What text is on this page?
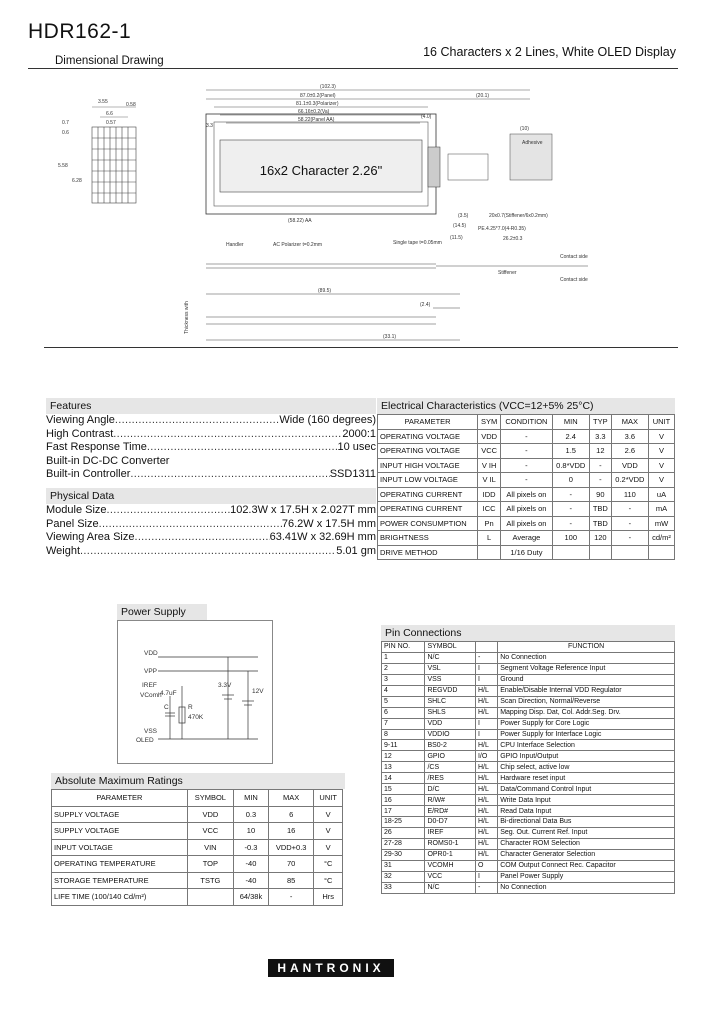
HDR162-1
16 Characters x 2 Lines, White OLED Display
Dimensional Drawing
3.55	0.58
6.6
0.57
0.7
0.6
5.58
6.28
(102.3)
87.0±0.2(Panel)
81.1±0.3(Polarizer)
66.16±0.2(Va)
58.22(Panel AA)
(20.1)
16x2 Character 2.26"
3.3
(4.0)
(10)
Adhesive
(3.5)	20x0.7(Stiffener/6x0.2mm)
PE.4.25*7.0(4-R0.35)
26.2±0.3
(14.5)
(11.5)
(58.22) AA
Handler	AC Polarizer t=0.2mm	Single tape t=0.05mm
Contact side
Stiffener
Contact side
(89.5)
(2.4)
(33.1)
Thickness with
Features
Viewing Angle .....	Wide (160 degrees)
High Contrast .....	2000:1
Fast Response Time .....	10 usec
Built-in DC-DC Converter
Built-in Controller .....	SSD1311
Physical Data
Module Size .....	102.3W x 17.5H x 2.027T mm
Panel Size .....	76.2W x 17.5H mm
Viewing Area Size .....	63.41W x 32.69H mm
Weight .....	5.01 gm
Electrical Characteristics (VCC=12+5% 25°C)
PARAMETER	SYM	CONDITION	MIN	TYP	MAX	UNIT
OPERATING VOLTAGE	VDD	-	2.4	3.3	3.6	V
OPERATING VOLTAGE	VCC	-	1.5	12	2.6	V
INPUT HIGH VOLTAGE	V IH	-	0.8*VDD	-	VDD	V
INPUT LOW VOLTAGE	V IL	-	0	-	0.2*VDD	V
OPERATING CURRENT	IDD	All pixels on	-	90	110	uA
OPERATING CURRENT	ICC	All pixels on	-	TBD	-	mA
POWER CONSUMPTION	Pn	All pixels on	-	TBD	-	mW
BRIGHTNESS	L	Average	100	120	-	cd/m²
DRIVE METHOD		1/16 Duty				
Power Supply
VDD
VPP
IREF
VComh
4.7uF
C	R
470K
3.3V
12V
VSS
OLED
Absolute Maximum Ratings
PARAMETER	SYMBOL	MIN	MAX	UNIT
SUPPLY VOLTAGE	VDD	0.3	6	V
SUPPLY VOLTAGE	VCC	10	16	V
INPUT VOLTAGE	VIN	-0.3	VDD+0.3	V
OPERATING TEMPERATURE	TOP	-40	70	°C
STORAGE TEMPERATURE	TSTG	-40	85	°C
LIFE TIME (100/140 Cd/m²)		64/38k	-	Hrs
Pin Connections
PIN NO.	SYMBOL		FUNCTION
1	N/C	-	No Connection
2	VSL	I	Segment Voltage Reference Input
3	VSS	I	Ground
4	REGVDD	H/L	Enable/Disable Internal VDD Regulator
5	SHLC	H/L	Scan Direction, Normal/Reverse
6	SHLS	H/L	Mapping Disp. Dat, Col. Addr.Seg. Drv.
7	VDD	I	Power Supply for Core Logic
8	VDDIO	I	Power Supply for Interface Logic
9-11	BS0-2	H/L	CPU Interface Selection
12	GPIO	I/O	GPIO Input/Output
13	/CS	H/L	Chip select, active low
14	/RES	H/L	Hardware reset input
15	D/C	H/L	Data/Command Control Input
16	R/W#	H/L	Write Data Input
17	E/RD#	H/L	Read Data Input
18-25	D0-D7	H/L	Bi-directional Data Bus
26	IREF	H/L	Seg. Out. Current Ref. Input
27-28	ROMS0-1	H/L	Character ROM Selection
29-30	OPR0-1	H/L	Character Generator Selection
31	VCOMH	O	COM Output Connect Rec. Capacitor
32	VCC	I	Panel Power Supply
33	N/C	-	No Connection
HANTRONIX
